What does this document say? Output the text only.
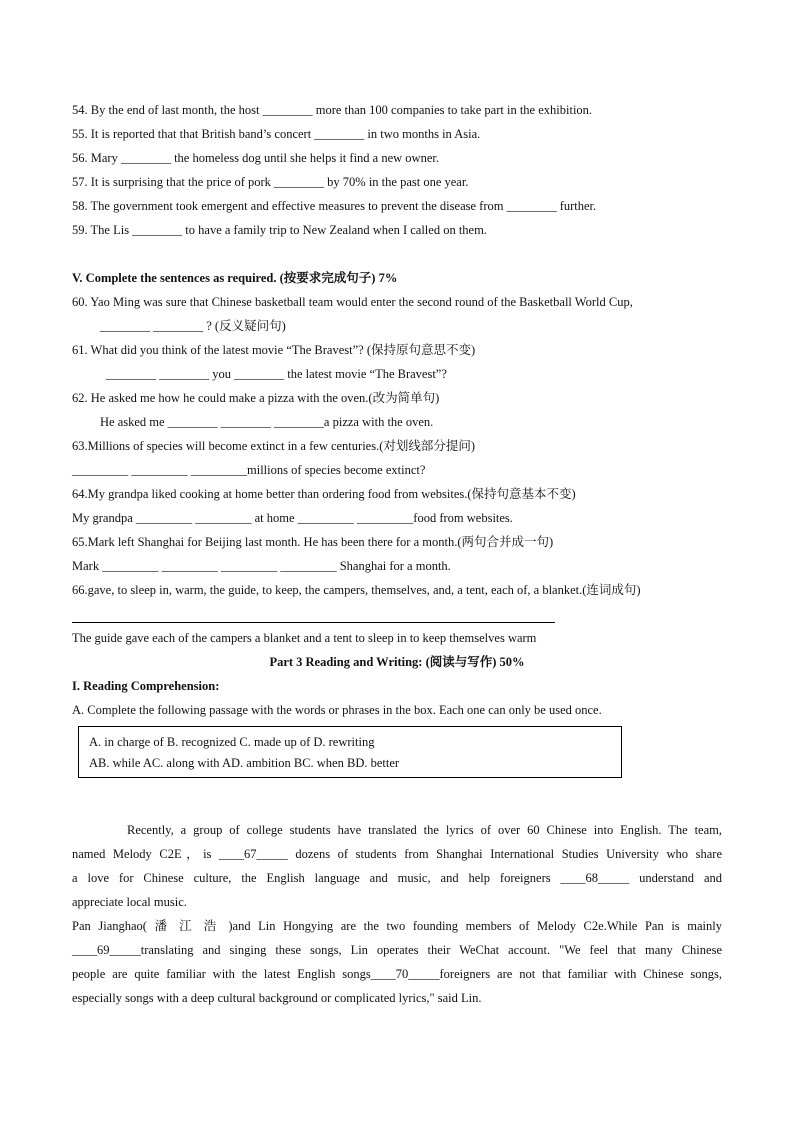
54. By the end of last month, the host ________ more than 100 companies to take part in the exhibition.
55. It is reported that that British band’s concert ________ in two months in Asia.
56. Mary ________ the homeless dog until she helps it find a new owner.
57. It is surprising that the price of pork ________ by 70% in the past one year.
58. The government took emergent and effective measures to prevent the disease from ________ further.
59. The Lis ________ to have a family trip to New Zealand when I called on them.
V. Complete the sentences as required. (按要求完成句子) 7%
60. Yao Ming was sure that Chinese basketball team would enter the second round of the Basketball World Cup,
________ ________ ? (反义疑问句)
61. What did you think of the latest movie “The Bravest”? (保持原句意思不变)
________ ________ you ________ the latest movie “The Bravest”?
62. He asked me how he could make a pizza with the oven.(改为简单句)
He asked me ________ ________ ________a pizza with the oven.
63.Millions of species will become extinct in a few centuries.(对划线部分提问)
_________ _________ _________millions of species become extinct?
64.My grandpa liked cooking at home better than ordering food from websites.(保持句意基本不变)
My grandpa _________ _________ at home _________ _________food from websites.
65.Mark left Shanghai for Beijing last month. He has been there for a month.(两句合并成一句)
Mark _________ _________ _________ _________ Shanghai for a month.
66.gave, to sleep in, warm, the guide, to keep, the campers, themselves, and, a tent, each of, a blanket.(连词成句)
The guide gave each of the campers a blanket and a tent to sleep in to keep themselves warm
Part 3 Reading and Writing: (阅读与写作) 50%
I. Reading Comprehension:
A. Complete the following passage with the words or phrases in the box. Each one can only be used once.
A. in charge of B. recognized C. made up of D. rewriting
AB. while AC. along with AD. ambition BC. when BD. better
Recently, a group of college students have translated the lyrics of over 60 Chinese into English. The team,
named Melody C2E，is ____67_____ dozens of students from Shanghai International Studies University who share
a love for Chinese culture, the English language and music, and help foreigners ____68_____ understand and
appreciate local music.
Pan Jianghao( 潘 江 浩 )and Lin Hongying are the two founding members of Melody C2e.While Pan is mainly
____69_____translating and singing these songs, Lin operates their WeChat account. "We feel that many Chinese
people are quite familiar with the latest English songs____70_____foreigners are not that familiar with Chinese songs,
especially songs with a deep cultural background or complicated lyrics," said Lin.
